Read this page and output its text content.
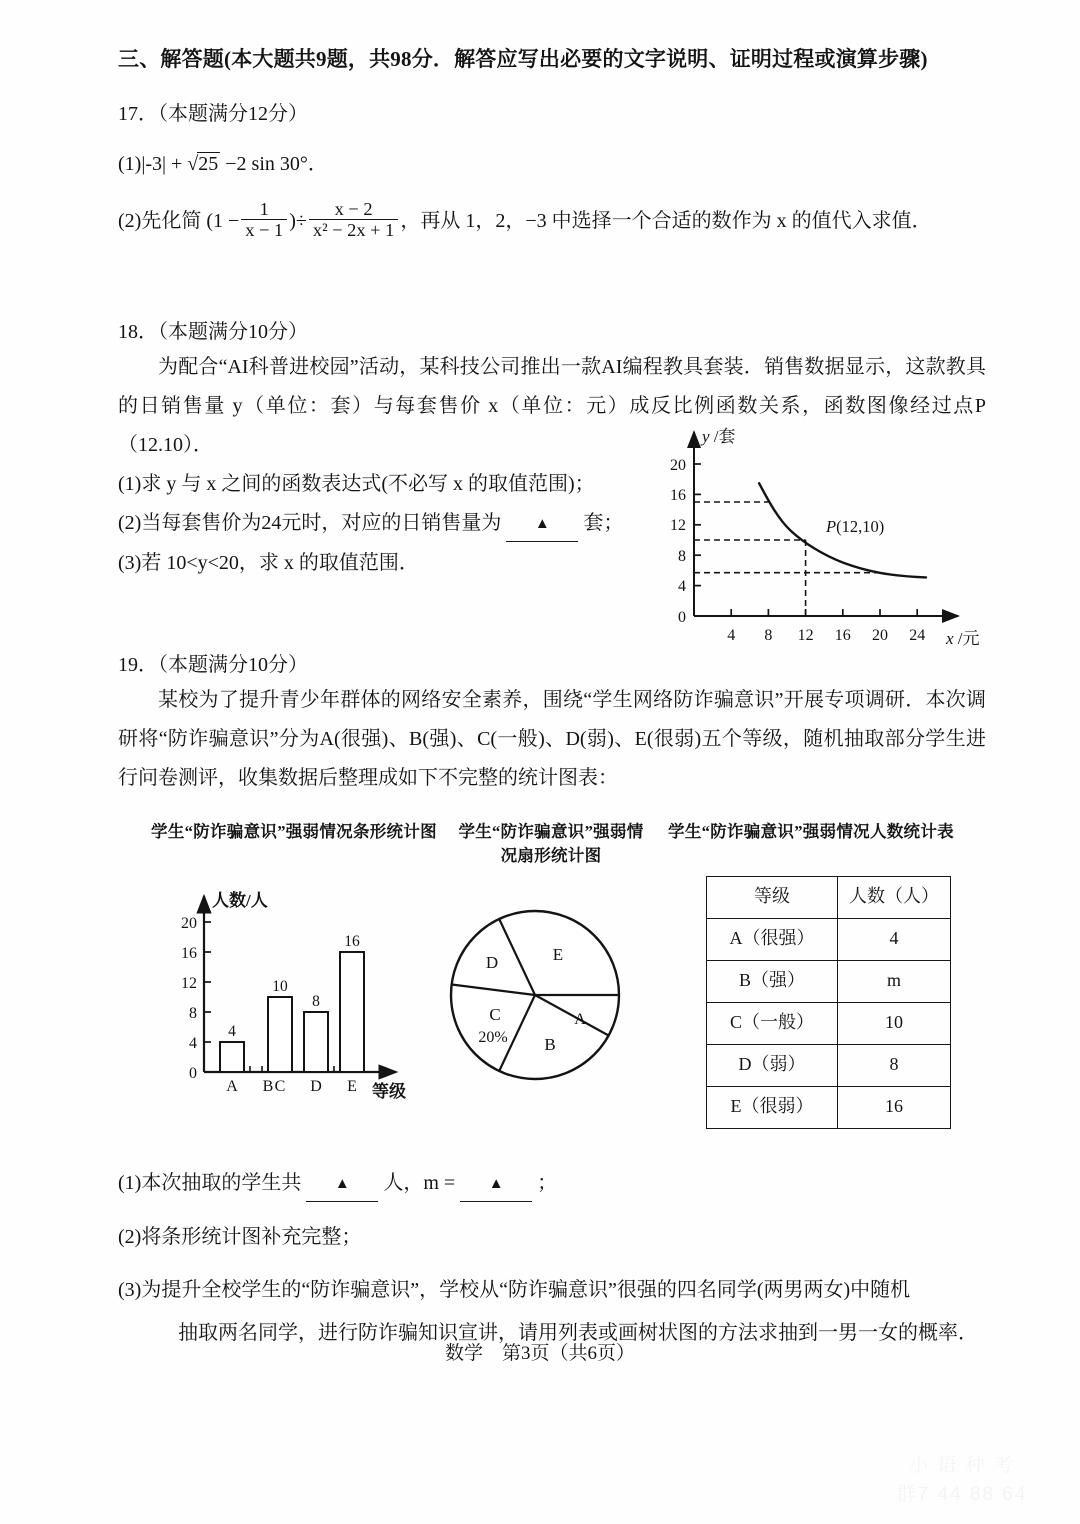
三、解答题(本大题共9题，共98分．解答应写出必要的文字说明、证明过程或演算步骤)
17．（本题满分12分）
(1)|-3| + √25 −2 sin 30°．
(2)先化简 ($1 - \frac{1}{x - 1}$ )÷ $\frac{x - 2}{\text{x² − 2x + 1}}$ ，再从 1，2，−3 中选择一个合适的数作为 x 的值代入求值．
18．（本题满分10分）
为配合“AI科普进校园”活动，某科技公司推出一款AI编程教具套装．销售数据显示，这款教具的日销售量 y（单位：套）与每套售价 x（单位：元）成反比例函数关系，函数图像经过点P（12.10）．
(1)求 y 与 x 之间的函数表达式(不必写 x 的取值范围)；
(2)当每套售价为24元时，对应的日销售量为 ▲ 套；
(3)若 10<y<20，求 x 的取值范围．
0
4
8
12
16
20
4 8 12 16 20 24
y /套
x /元
P(12,10)
19．（本题满分10分）
某校为了提升青少年群体的网络安全素养，围绕“学生网络防诈骗意识”开展专项调研．本次调研将“防诈骗意识”分为A(很强)、B(强)、C(一般)、D(弱)、E(很弱)五个等级，随机抽取部分学生进行问卷测评，收集数据后整理成如下不完整的统计图表：
学生“防诈骗意识”强弱情况条形统计图	学生“防诈骗意识”强弱情况扇形统计图
学生“防诈骗意识”强弱情况人数统计表
0
4
8
12
16
20
人数/人
等级
4
10
8
16
A B C D E
A
B
C
20%
D	E
等级	人数（人）
A（很强）	4
B（强）	m
C（一般）	10
D（弱）	8
E（很弱）	16
(1)本次抽取的学生共 ▲ 人，m = ▲ ；
(2)将条形统计图补充完整；
(3)为提升全校学生的“防诈骗意识”，学校从“防诈骗意识”很强的四名同学(两男两女)中随机
抽取两名同学，进行防诈骗知识宣讲，请用列表或画树状图的方法求抽到一男一女的概率．
数学　第3页（共6页）
小 语 种 考
群7 44 88 64
